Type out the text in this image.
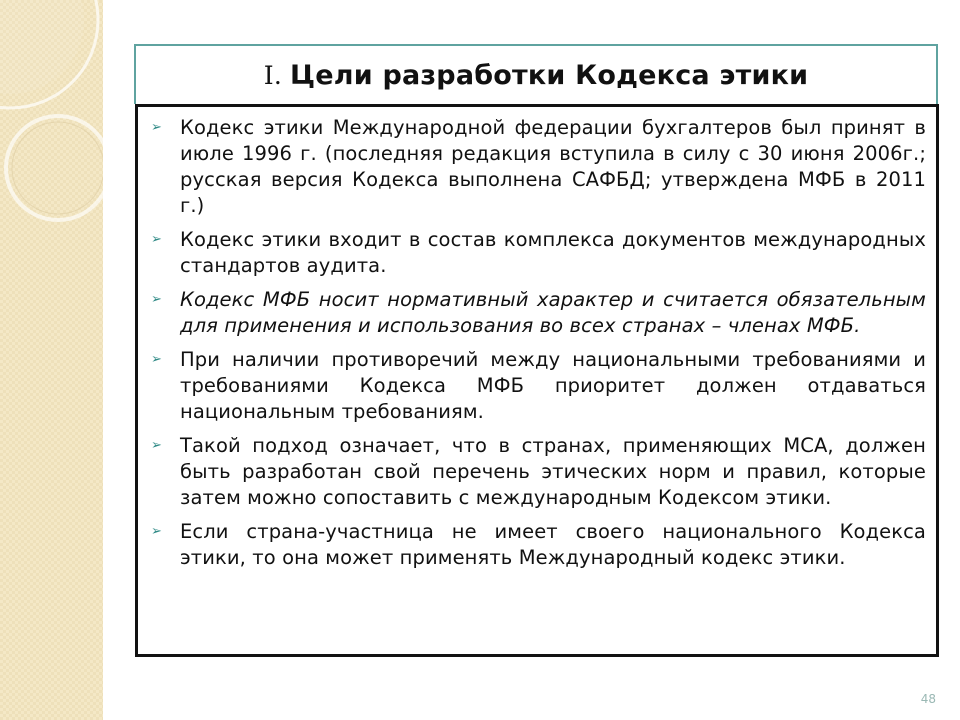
I. Цели разработки Кодекса этики
➢ Кодекс этики Международной федерации бухгалтеров был принят в июле 1996 г. (последняя редакция вступила в силу с 30 июня 2006г.; русская версия Кодекса выполнена САФБД; утверждена МФБ в 2011 г.)
➢ Кодекс этики входит в состав комплекса документов международных стандартов аудита.
➢ Кодекс МФБ носит нормативный характер и считается обязательным для применения и использования во всех странах – членах МФБ.
➢ При наличии противоречий между национальными требованиями и требованиями Кодекса МФБ приоритет должен отдаваться национальным требованиям.
➢ Такой подход означает, что в странах, применяющих МСА, должен быть разработан свой перечень этических норм и правил, которые затем можно сопоставить с международным Кодексом этики.
➢ Если страна-участница не имеет своего национального Кодекса этики, то она может применять Международный кодекс этики.
48
